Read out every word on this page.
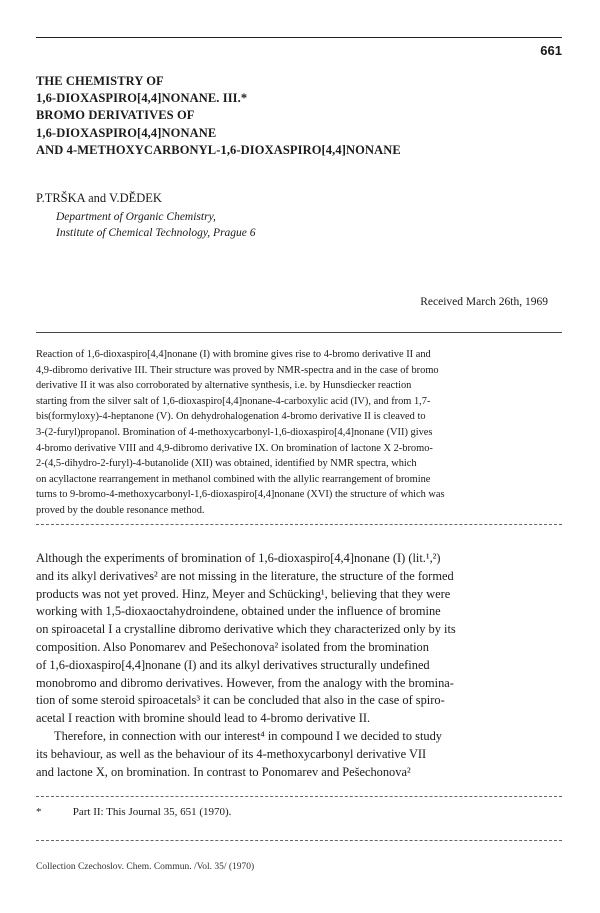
661
THE CHEMISTRY OF
1,6-DIOXASPIRO[4,4]NONANE. III.*
BROMO DERIVATIVES OF
1,6-DIOXASPIRO[4,4]NONANE
AND 4-METHOXYCARBONYL-1,6-DIOXASPIRO[4,4]NONANE
P.TRŠKA and V.DĚDEK
Department of Organic Chemistry,
Institute of Chemical Technology, Prague 6
Received March 26th, 1969
Reaction of 1,6-dioxaspiro[4,4]nonane (I) with bromine gives rise to 4-bromo derivative II and
4,9-dibromo derivative III. Their structure was proved by NMR-spectra and in the case of bromo
derivative II it was also corroborated by alternative synthesis, i.e. by Hunsdiecker reaction
starting from the silver salt of 1,6-dioxaspiro[4,4]nonane-4-carboxylic acid (IV), and from 1,7-
bis(formyloxy)-4-heptanone (V). On dehydrohalogenation 4-bromo derivative II is cleaved to
3-(2-furyl)propanol. Bromination of 4-methoxycarbonyl-1,6-dioxaspiro[4,4]nonane (VII) gives
4-bromo derivative VIII and 4,9-dibromo derivative IX. On bromination of lactone X 2-bromo-
2-(4,5-dihydro-2-furyl)-4-butanolide (XII) was obtained, identified by NMR spectra, which
on acyllactone rearrangement in methanol combined with the allylic rearrangement of bromine
turns to 9-bromo-4-methoxycarbonyl-1,6-dioxaspiro[4,4]nonane (XVI) the structure of which was
proved by the double resonance method.
Although the experiments of bromination of 1,6-dioxaspiro[4,4]nonane (I) (lit.¹,²)
and its alkyl derivatives² are not missing in the literature, the structure of the formed
products was not yet proved. Hinz, Meyer and Schücking¹, believing that they were
working with 1,5-dioxaoctahydroindene, obtained under the influence of bromine
on spiroacetal I a crystalline dibromo derivative which they characterized only by its
composition. Also Ponomarev and Pešechonova² isolated from the bromination
of 1,6-dioxaspiro[4,4]nonane (I) and its alkyl derivatives structurally undefined
monobromo and dibromo derivatives. However, from the analogy with the bromina-
tion of some steroid spiroacetals³ it can be concluded that also in the case of spiro-
acetal I reaction with bromine should lead to 4-bromo derivative II.
Therefore, in connection with our interest⁴ in compound I we decided to study
its behaviour, as well as the behaviour of its 4-methoxycarbonyl derivative VII
and lactone X, on bromination. In contrast to Ponomarev and Pešechonova²
*	Part II: This Journal 35, 651 (1970).
Collection Czechoslov. Chem. Commun. /Vol. 35/ (1970)
